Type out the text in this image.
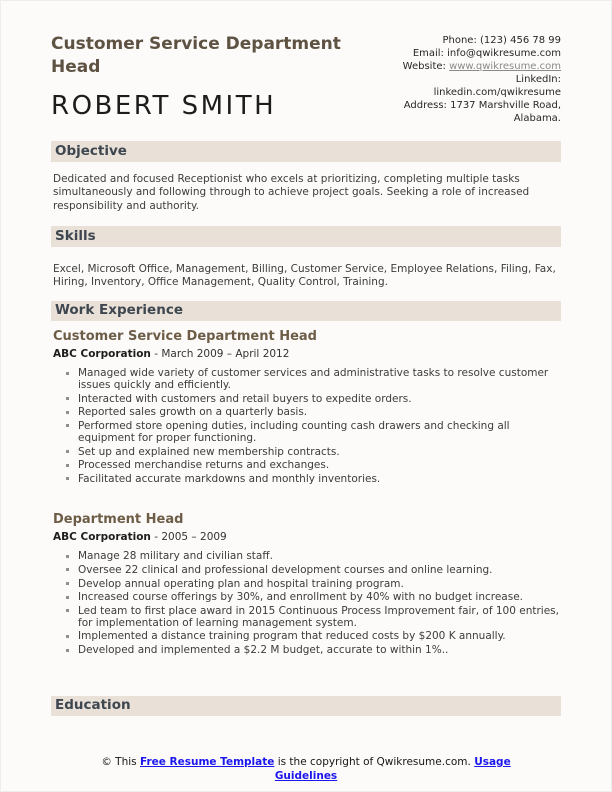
Customer Service Department Head
ROBERT SMITH
Phone: (123) 456 78 99
Email: info@qwikresume.com
Website: www.qwikresume.com
LinkedIn:
linkedin.com/qwikresume
Address: 1737 Marshville Road,
Alabama.
Objective

Dedicated and focused Receptionist who excels at prioritizing, completing multiple tasks simultaneously and following through to achieve project goals. Seeking a role of increased responsibility and authority.

Skills

Excel, Microsoft Office, Management, Billing, Customer Service, Employee Relations, Filing, Fax, Hiring, Inventory, Office Management, Quality Control, Training.

Work Experience
Customer Service Department Head
ABC Corporation - March 2009 – April 2012
Managed wide variety of customer services and administrative tasks to resolve customer issues quickly and efficiently.
Interacted with customers and retail buyers to expedite orders.
Reported sales growth on a quarterly basis.
Performed store opening duties, including counting cash drawers and checking all equipment for proper functioning.
Set up and explained new membership contracts.
Processed merchandise returns and exchanges.
Facilitated accurate markdowns and monthly inventories.
Department Head
ABC Corporation - 2005 – 2009
Manage 28 military and civilian staff.
Oversee 22 clinical and professional development courses and online learning.
Develop annual operating plan and hospital training program.
Increased course offerings by 30%, and enrollment by 40% with no budget increase.
Led team to first place award in 2015 Continuous Process Improvement fair, of 100 entries, for implementation of learning management system.
Implemented a distance training program that reduced costs by $200 K annually.
Developed and implemented a $2.2 M budget, accurate to within 1%..
Education
© This Free Resume Template is the copyright of Qwikresume.com. Usage Guidelines
